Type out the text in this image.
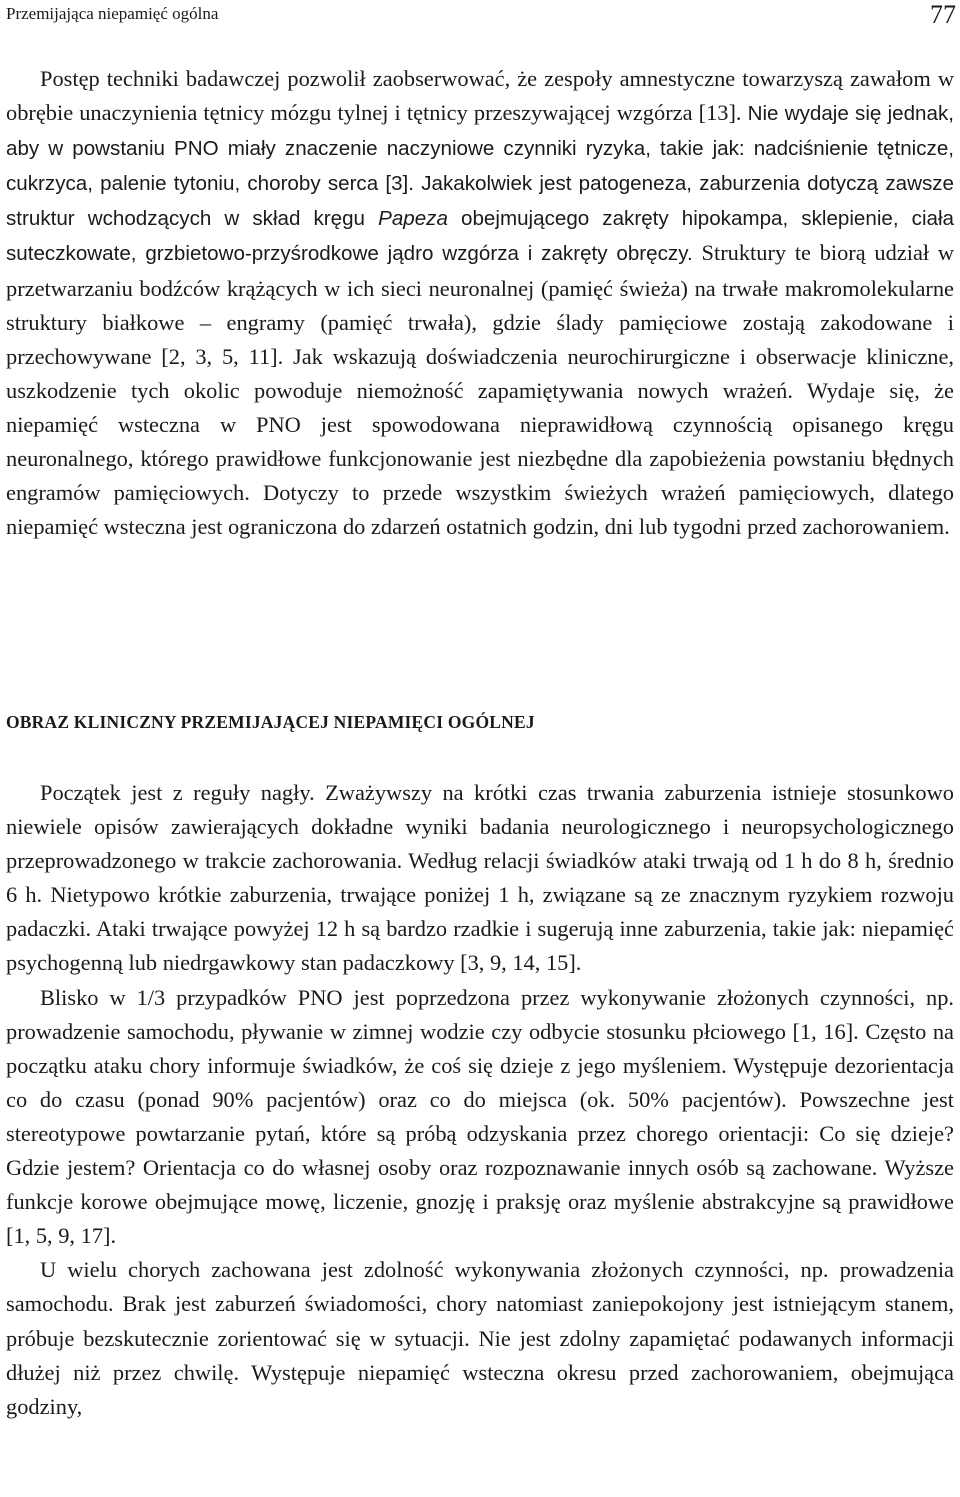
Przemijająca niepamięć ogólna	77

Postęp techniki badawczej pozwolił zaobserwować, że zespoły amnestyczne towarzyszą zawałom w obrębie unaczynienia tętnicy mózgu tylnej i tętnicy przeszywającej wzgórza [13]. Nie wydaje się jednak, aby w powstaniu PNO miały znaczenie naczyniowe czynniki ryzyka, takie jak: nadciśnienie tętnicze, cukrzyca, palenie tytoniu, choroby serca [3]. Jakakolwiek jest patogeneza, zaburzenia dotyczą zawsze struktur wchodzących w skład kręgu Papeza obejmującego zakręty hipokampa, sklepienie, ciała suteczkowate, grzbietowo-przyśrodkowe jądro wzgórza i zakręty obręczy. Struktury te biorą udział w przetwarzaniu bodźców krążących w ich sieci neuronalnej (pamięć świeża) na trwałe makromolekularne struktury białkowe – engramy (pamięć trwała), gdzie ślady pamięciowe zostają zakodowane i przechowywane [2, 3, 5, 11]. Jak wskazują doświadczenia neurochirurgiczne i obserwacje kliniczne, uszkodzenie tych okolic powoduje niemożność zapamiętywania nowych wrażeń. Wydaje się, że niepamięć wsteczna w PNO jest spowodowana nieprawidłową czynnością opisanego kręgu neuronalnego, którego prawidłowe funkcjonowanie jest niezbędne dla zapobieżenia powstaniu błędnych engramów pamięciowych. Dotyczy to przede wszystkim świeżych wrażeń pamięciowych, dlatego niepamięć wsteczna jest ograniczona do zdarzeń ostatnich godzin, dni lub tygodni przed zachorowaniem.

OBRAZ KLINICZNY PRZEMIJAJĄCEJ NIEPAMIĘCI OGÓLNEJ

Początek jest z reguły nagły. Zważywszy na krótki czas trwania zaburzenia istnieje stosunkowo niewiele opisów zawierających dokładne wyniki badania neurologicznego i neuropsychologicznego przeprowadzonego w trakcie zachorowania. Według relacji świadków ataki trwają od 1 h do 8 h, średnio 6 h. Nietypowo krótkie zaburzenia, trwające poniżej 1 h, związane są ze znacznym ryzykiem rozwoju padaczki. Ataki trwające powyżej 12 h są bardzo rzadkie i sugerują inne zaburzenia, takie jak: niepamięć psychogenną lub niedrgawkowy stan padaczkowy [3, 9, 14, 15].

Blisko w 1/3 przypadków PNO jest poprzedzona przez wykonywanie złożonych czynności, np. prowadzenie samochodu, pływanie w zimnej wodzie czy odbycie stosunku płciowego [1, 16]. Często na początku ataku chory informuje świadków, że coś się dzieje z jego myśleniem. Występuje dezorientacja co do czasu (ponad 90% pacjentów) oraz co do miejsca (ok. 50% pacjentów). Powszechne jest stereotypowe powtarzanie pytań, które są próbą odzyskania przez chorego orientacji: Co się dzieje? Gdzie jestem? Orientacja co do własnej osoby oraz rozpoznawanie innych osób są zachowane. Wyższe funkcje korowe obejmujące mowę, liczenie, gnozję i praksję oraz myślenie abstrakcyjne są prawidłowe [1, 5, 9, 17].

U wielu chorych zachowana jest zdolność wykonywania złożonych czynności, np. prowadzenia samochodu. Brak jest zaburzeń świadomości, chory natomiast zaniepokojony jest istniejącym stanem, próbuje bezskutecznie zorientować się w sytuacji. Nie jest zdolny zapamiętać podawanych informacji dłużej niż przez chwilę. Występuje niepamięć wsteczna okresu przed zachorowaniem, obejmująca godziny,
